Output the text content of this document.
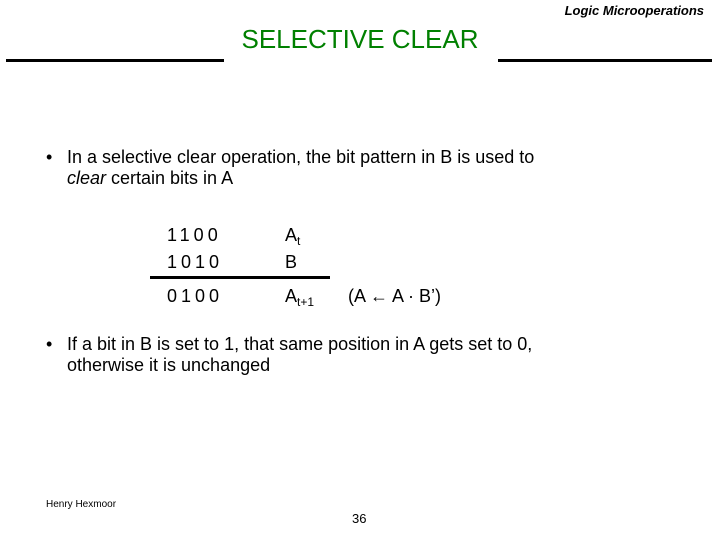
Logic Microoperations
SELECTIVE CLEAR
• In a selective clear operation, the bit pattern in B is used to
clear certain bits in A
1100	$A_t$
1010	B
0100	$A_{t+1}$ (A ← A · B’)
• If a bit in B is set to 1, that same position in A gets set to 0,
otherwise it is unchanged
Henry Hexmoor
36
